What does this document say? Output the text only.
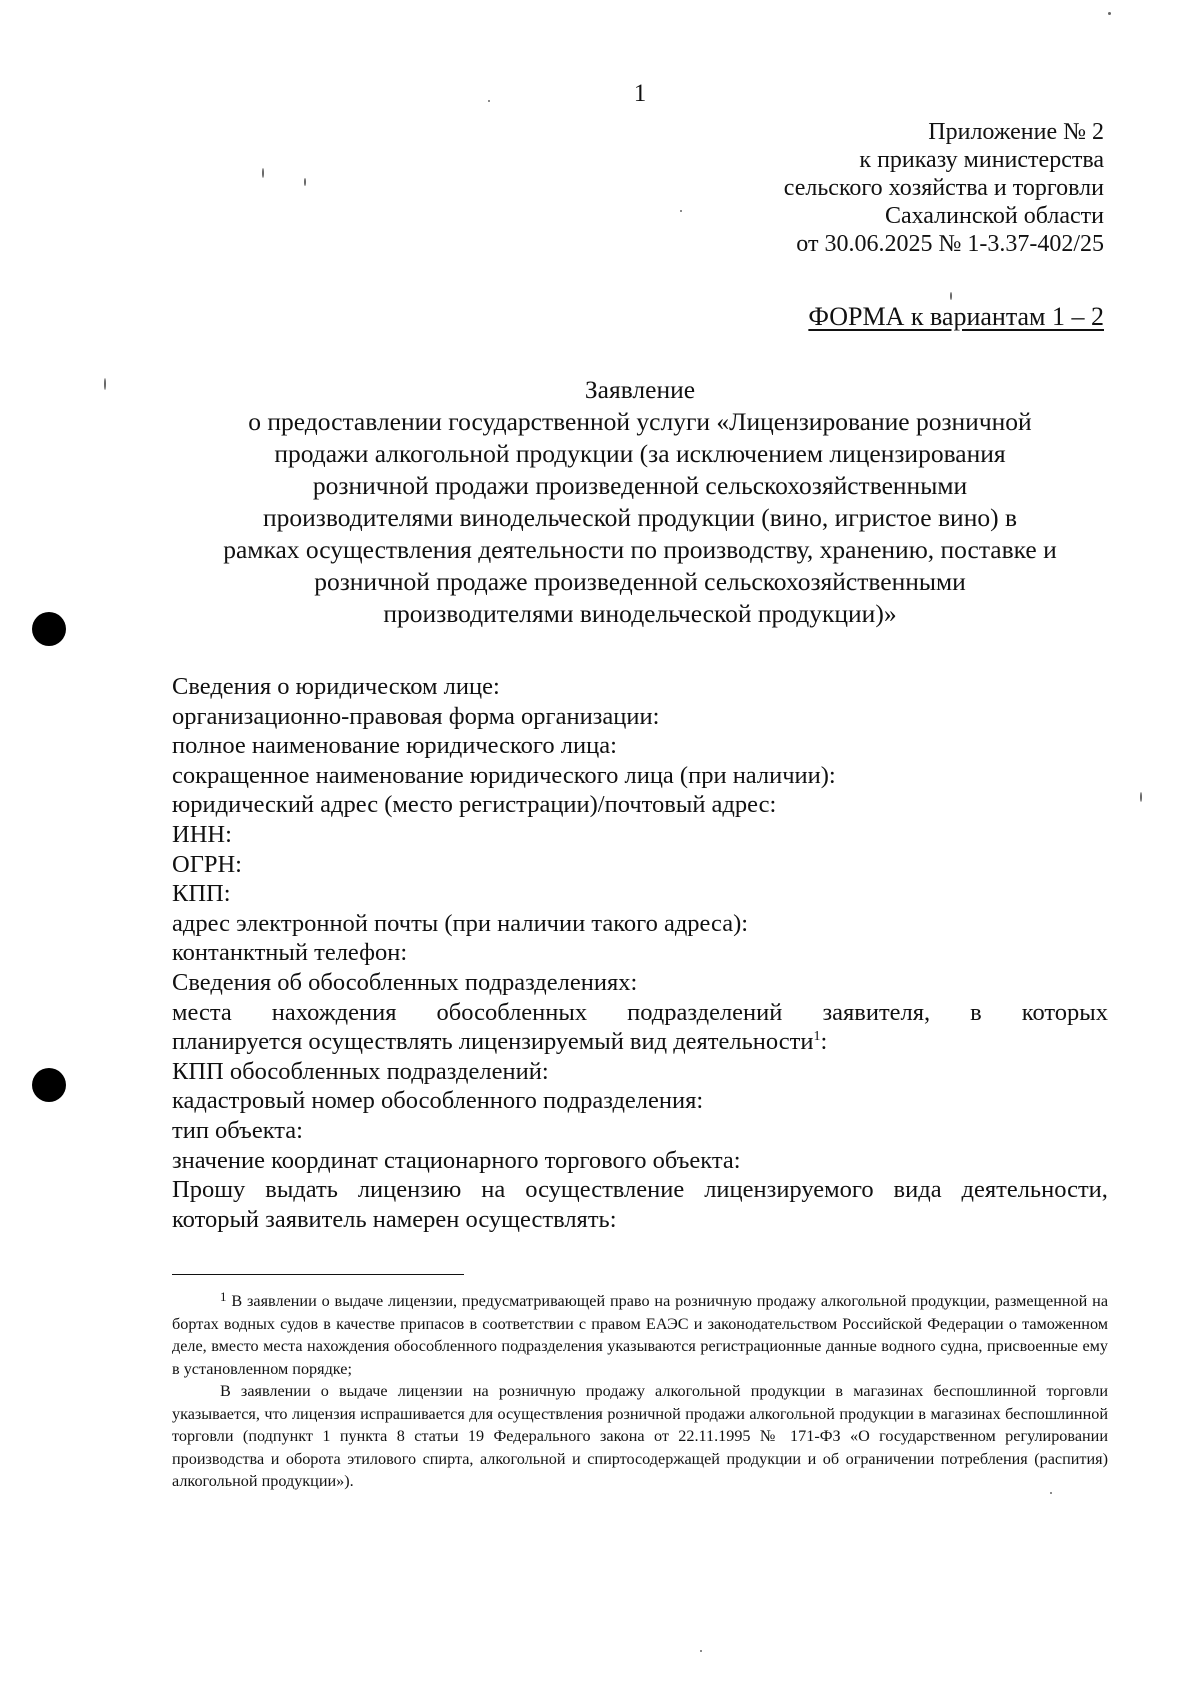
1
Приложение № 2
к приказу министерства
сельского хозяйства и торговли
Сахалинской области
от 30.06.2025 № 1-3.37-402/25
ФОРМА к вариантам 1 – 2
Заявление
о предоставлении государственной услуги «Лицензирование розничной
продажи алкогольной продукции (за исключением лицензирования
розничной продажи произведенной сельскохозяйственными
производителями винодельческой продукции (вино, игристое вино) в
рамках осуществления деятельности по производству, хранению, поставке и
розничной продаже произведенной сельскохозяйственными
производителями винодельческой продукции)»
Сведения о юридическом лице:
организационно-правовая форма организации:
полное наименование юридического лица:
сокращенное наименование юридического лица (при наличии):
юридический адрес (место регистрации)/почтовый адрес:
ИНН:
ОГРН:
КПП:
адрес электронной почты (при наличии такого адреса):
контанктный телефон:
Сведения об обособленных подразделениях:
места нахождения обособленных подразделений заявителя, в которых
планируется осуществлять лицензируемый вид деятельности$^1$:
КПП обособленных подразделений:
кадастровый номер обособленного подразделения:
тип объекта:
значение координат стационарного торгового объекта:
Прошу выдать лицензию на осуществление лицензируемого вида деятельности,
который заявитель намерен осуществлять:

$^1$ В заявлении о выдаче лицензии, предусматривающей право на розничную продажу алкогольной продукции, размещенной на бортах водных судов в качестве припасов в соответствии с правом ЕАЭС и законодательством Российской Федерации о таможенном деле, вместо места нахождения обособленного подразделения указываются регистрационные данные водного судна, присвоенные ему в установленном порядке;

В заявлении о выдаче лицензии на розничную продажу алкогольной продукции в магазинах беспошлинной торговли указывается, что лицензия испрашивается для осуществления розничной продажи алкогольной продукции в магазинах беспошлинной торговли (подпункт 1 пункта 8 статьи 19 Федерального закона от 22.11.1995 № 171-ФЗ «О государственном регулировании производства и оборота этилового спирта, алкогольной и спиртосодержащей продукции и об ограничении потребления (распития) алкогольной продукции»).
